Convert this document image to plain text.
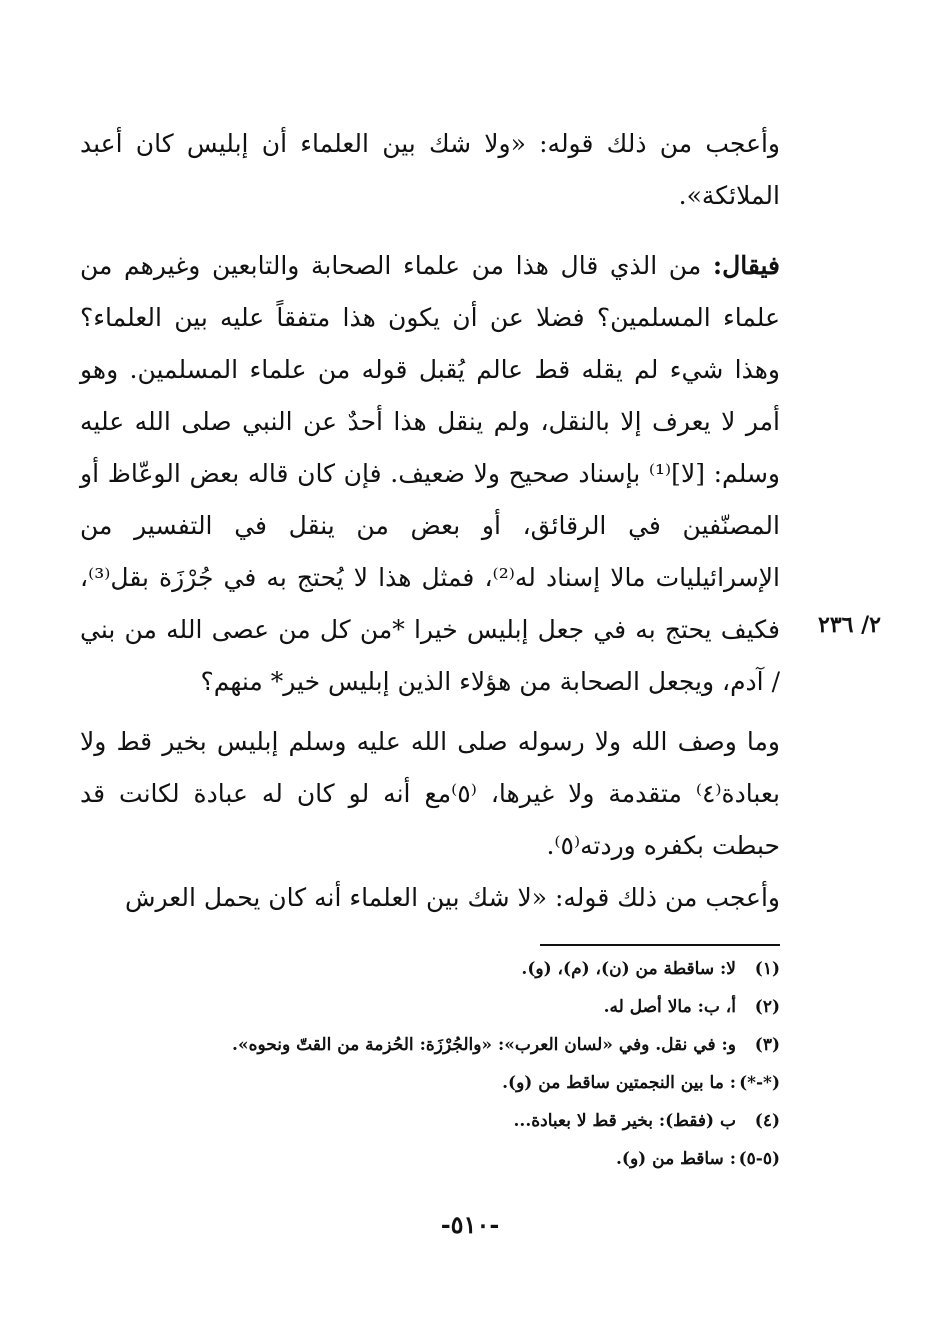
وأعجب من ذلك قوله: «ولا شك بين العلماء أن إبليس كان أعبد الملائكة».
فيقال: من الذي قال هذا من علماء الصحابة والتابعين وغيرهم من علماء المسلمين؟ فضلا عن أن يكون هذا متفقاً عليه بين العلماء؟ وهذا شيء لم يقله قط عالم يُقبل قوله من علماء المسلمين. وهو أمر لا يعرف إلا بالنقل، ولم ينقل هذا أحدٌ عن النبي صلى الله عليه وسلم: [لا]⁽¹⁾ بإسناد صحيح ولا ضعيف. فإن كان قاله بعض الوعّاظ أو المصنّفين في الرقائق، أو بعض من ينقل في التفسير من الإسرائيليات مالا إسناد له⁽²⁾، فمثل هذا لا يُحتج به في جُرْزَة بقل⁽³⁾، فكيف يحتج به في جعل إبليس خيرا *من كل من عصى الله من بني / آدم، ويجعل الصحابة من هؤلاء الذين إبليس خير* منهم؟
٢/ ٢٣٦
وما وصف الله ولا رسوله صلى الله عليه وسلم إبليس بخير قط ولا بعبادة⁽٤⁾ متقدمة ولا غيرها، ⁽٥⁾مع أنه لو كان له عبادة لكانت قد حبطت بكفره وردته⁽٥⁾.
وأعجب من ذلك قوله: «لا شك بين العلماء أنه كان يحمل العرش
(١)
لا: ساقطة من (ن)، (م)، (و).
(٢)
أ، ب: مالا أصل له.
(٣)
و: في نقل. وفي «لسان العرب»: «والجُرْزَة: الحُزمة من القتّ ونحوه».
(*-*)
: ما بين النجمتين ساقط من (و).
(٤)
ب (فقط): بخير قط لا بعبادة...
(٥-٥)
: ساقط من (و).
-٥١٠-
